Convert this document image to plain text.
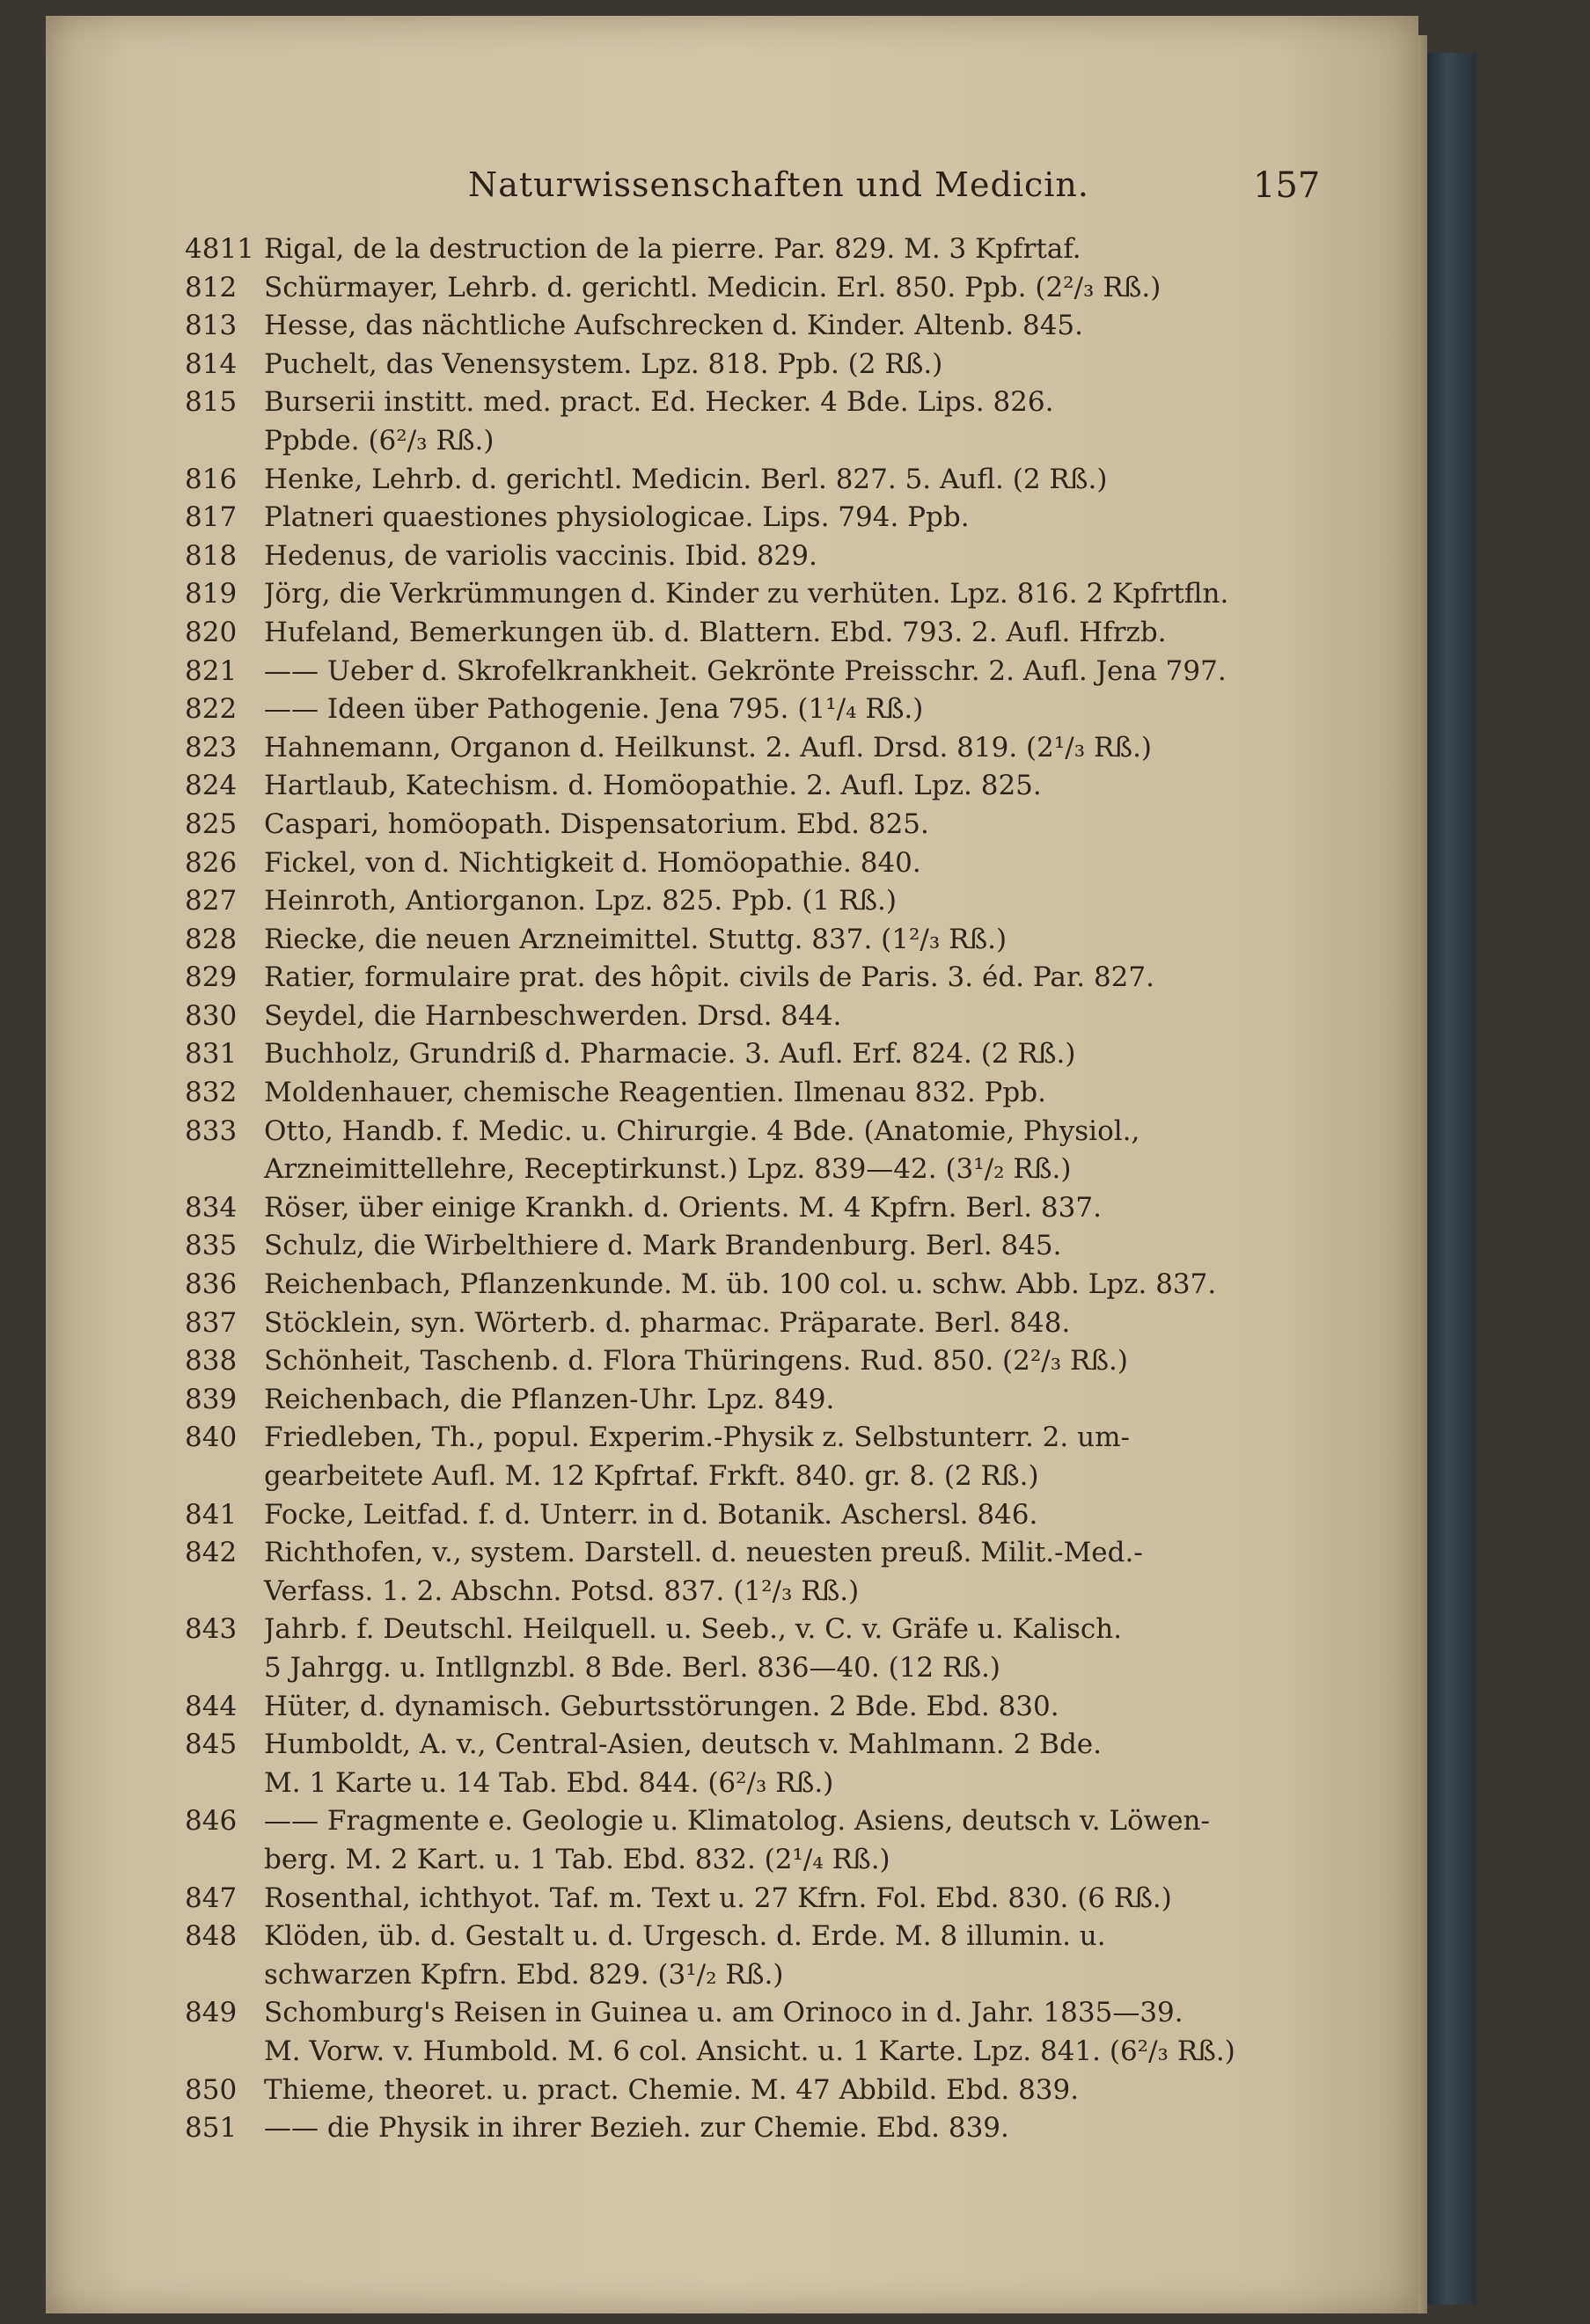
Naturwissenschaften und Medicin.	157
4811 Rigal, de la destruction de la pierre. Par. 829. M. 3 Kpfrtaf.
812 Schürmayer, Lehrb. d. gerichtl. Medicin. Erl. 850. Ppb. (2²/₃ Rß.)
813 Hesse, das nächtliche Aufschrecken d. Kinder. Altenb. 845.
814 Puchelt, das Venensystem. Lpz. 818. Ppb. (2 Rß.)
815 Burserii institt. med. pract. Ed. Hecker. 4 Bde. Lips. 826.
Ppbde. (6²/₃ Rß.)
816 Henke, Lehrb. d. gerichtl. Medicin. Berl. 827. 5. Aufl. (2 Rß.)
817 Platneri quaestiones physiologicae. Lips. 794. Ppb.
818 Hedenus, de variolis vaccinis. Ibid. 829.
819 Jörg, die Verkrümmungen d. Kinder zu verhüten. Lpz. 816. 2 Kpfrtfln.
820 Hufeland, Bemerkungen üb. d. Blattern. Ebd. 793. 2. Aufl. Hfrzb.
821 —— Ueber d. Skrofelkrankheit. Gekrönte Preisschr. 2. Aufl. Jena 797.
822 —— Ideen über Pathogenie. Jena 795. (1¹/₄ Rß.)
823 Hahnemann, Organon d. Heilkunst. 2. Aufl. Drsd. 819. (2¹/₃ Rß.)
824 Hartlaub, Katechism. d. Homöopathie. 2. Aufl. Lpz. 825.
825 Caspari, homöopath. Dispensatorium. Ebd. 825.
826 Fickel, von d. Nichtigkeit d. Homöopathie. 840.
827 Heinroth, Antiorganon. Lpz. 825. Ppb. (1 Rß.)
828 Riecke, die neuen Arzneimittel. Stuttg. 837. (1²/₃ Rß.)
829 Ratier, formulaire prat. des hôpit. civils de Paris. 3. éd. Par. 827.
830 Seydel, die Harnbeschwerden. Drsd. 844.
831 Buchholz, Grundriß d. Pharmacie. 3. Aufl. Erf. 824. (2 Rß.)
832 Moldenhauer, chemische Reagentien. Ilmenau 832. Ppb.
833 Otto, Handb. f. Medic. u. Chirurgie. 4 Bde. (Anatomie, Physiol.,
Arzneimittellehre, Receptirkunst.) Lpz. 839—42. (3¹/₂ Rß.)
834 Röser, über einige Krankh. d. Orients. M. 4 Kpfrn. Berl. 837.
835 Schulz, die Wirbelthiere d. Mark Brandenburg. Berl. 845.
836 Reichenbach, Pflanzenkunde. M. üb. 100 col. u. schw. Abb. Lpz. 837.
837 Stöcklein, syn. Wörterb. d. pharmac. Präparate. Berl. 848.
838 Schönheit, Taschenb. d. Flora Thüringens. Rud. 850. (2²/₃ Rß.)
839 Reichenbach, die Pflanzen-Uhr. Lpz. 849.
840 Friedleben, Th., popul. Experim.-Physik z. Selbstunterr. 2. um-
gearbeitete Aufl. M. 12 Kpfrtaf. Frkft. 840. gr. 8. (2 Rß.)
841 Focke, Leitfad. f. d. Unterr. in d. Botanik. Aschersl. 846.
842 Richthofen, v., system. Darstell. d. neuesten preuß. Milit.-Med.-
Verfass. 1. 2. Abschn. Potsd. 837. (1²/₃ Rß.)
843 Jahrb. f. Deutschl. Heilquell. u. Seeb., v. C. v. Gräfe u. Kalisch.
5 Jahrgg. u. Intllgnzbl. 8 Bde. Berl. 836—40. (12 Rß.)
844 Hüter, d. dynamisch. Geburtsstörungen. 2 Bde. Ebd. 830.
845 Humboldt, A. v., Central-Asien, deutsch v. Mahlmann. 2 Bde.
M. 1 Karte u. 14 Tab. Ebd. 844. (6²/₃ Rß.)
846 —— Fragmente e. Geologie u. Klimatolog. Asiens, deutsch v. Löwen-
berg. M. 2 Kart. u. 1 Tab. Ebd. 832. (2¹/₄ Rß.)
847 Rosenthal, ichthyot. Taf. m. Text u. 27 Kfrn. Fol. Ebd. 830. (6 Rß.)
848 Klöden, üb. d. Gestalt u. d. Urgesch. d. Erde. M. 8 illumin. u.
schwarzen Kpfrn. Ebd. 829. (3¹/₂ Rß.)
849 Schomburg's Reisen in Guinea u. am Orinoco in d. Jahr. 1835—39.
M. Vorw. v. Humbold. M. 6 col. Ansicht. u. 1 Karte. Lpz. 841. (6²/₃ Rß.)
850 Thieme, theoret. u. pract. Chemie. M. 47 Abbild. Ebd. 839.
851 —— die Physik in ihrer Bezieh. zur Chemie. Ebd. 839.
